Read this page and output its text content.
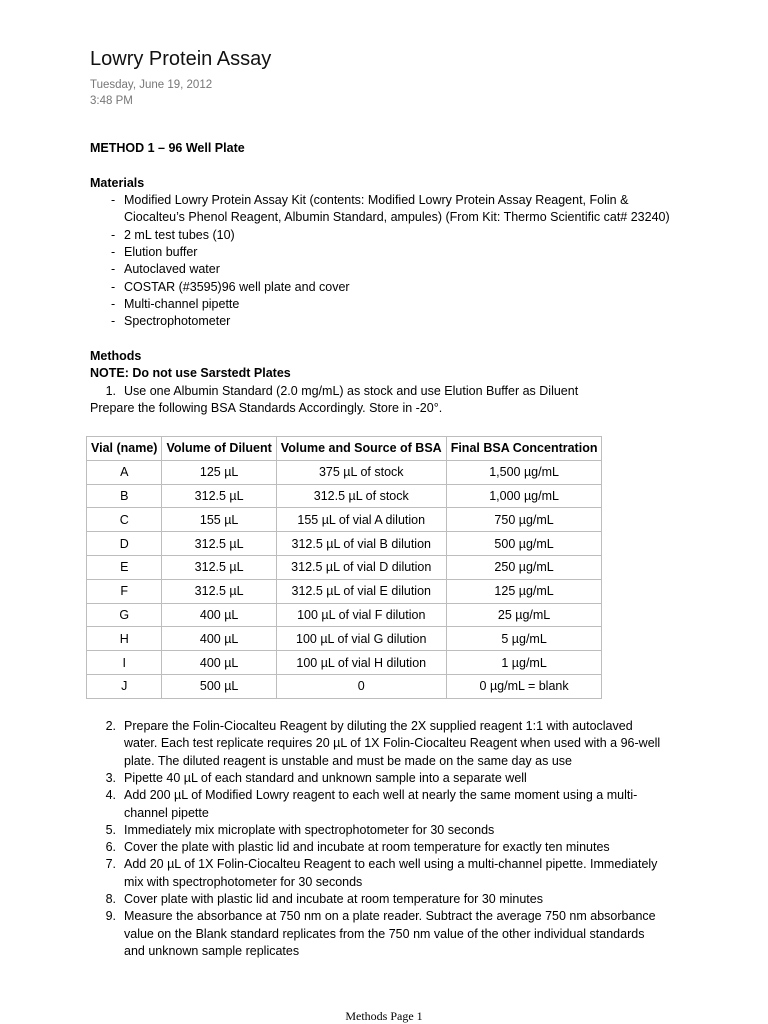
Lowry Protein Assay
Tuesday, June 19, 2012
3:48 PM
METHOD 1 – 96 Well Plate
Materials
- Modified Lowry Protein Assay Kit (contents: Modified Lowry Protein Assay Reagent, Folin &
Ciocalteu’s Phenol Reagent, Albumin Standard, ampules) (From Kit: Thermo Scientific cat# 23240)
- 2 mL test tubes (10)
- Elution buffer
- Autoclaved water
- COSTAR (#3595)96 well plate and cover
- Multi-channel pipette
- Spectrophotometer
Methods
NOTE: Do not use Sarstedt Plates
1. Use one Albumin Standard (2.0 mg/mL) as stock and use Elution Buffer as Diluent
Prepare the following BSA Standards Accordingly. Store in -20°.
Vial (name)	Volume of Diluent	Volume and Source of BSA	Final BSA Concentration
A	125 µL	375 µL of stock	1,500 µg/mL
B	312.5 µL	312.5 µL of stock	1,000 µg/mL
C	155 µL	155 µL of vial A dilution	750 µg/mL
D	312.5 µL	312.5 µL of vial B dilution	500 µg/mL
E	312.5 µL	312.5 µL of vial D dilution	250 µg/mL
F	312.5 µL	312.5 µL of vial E dilution	125 µg/mL
G	400 µL	100 µL of vial F dilution	25 µg/mL
H	400 µL	100 µL of vial G dilution	5 µg/mL
I	400 µL	100 µL of vial H dilution	1 µg/mL
J	500 µL	0	0 µg/mL = blank
2. Prepare the Folin-Ciocalteu Reagent by diluting the 2X supplied reagent 1:1 with autoclaved
water. Each test replicate requires 20 µL of 1X Folin-Ciocalteu Reagent when used with a 96-well
plate. The diluted reagent is unstable and must be made on the same day as use
3. Pipette 40 µL of each standard and unknown sample into a separate well
4. Add 200 µL of Modified Lowry reagent to each well at nearly the same moment using a multi-
channel pipette
5. Immediately mix microplate with spectrophotometer for 30 seconds
6. Cover the plate with plastic lid and incubate at room temperature for exactly ten minutes
7. Add 20 µL of 1X Folin-Ciocalteu Reagent to each well using a multi-channel pipette. Immediately
mix with spectrophotometer for 30 seconds
8. Cover plate with plastic lid and incubate at room temperature for 30 minutes
9. Measure the absorbance at 750 nm on a plate reader. Subtract the average 750 nm absorbance
value on the Blank standard replicates from the 750 nm value of the other individual standards
and unknown sample replicates
Methods Page 1
